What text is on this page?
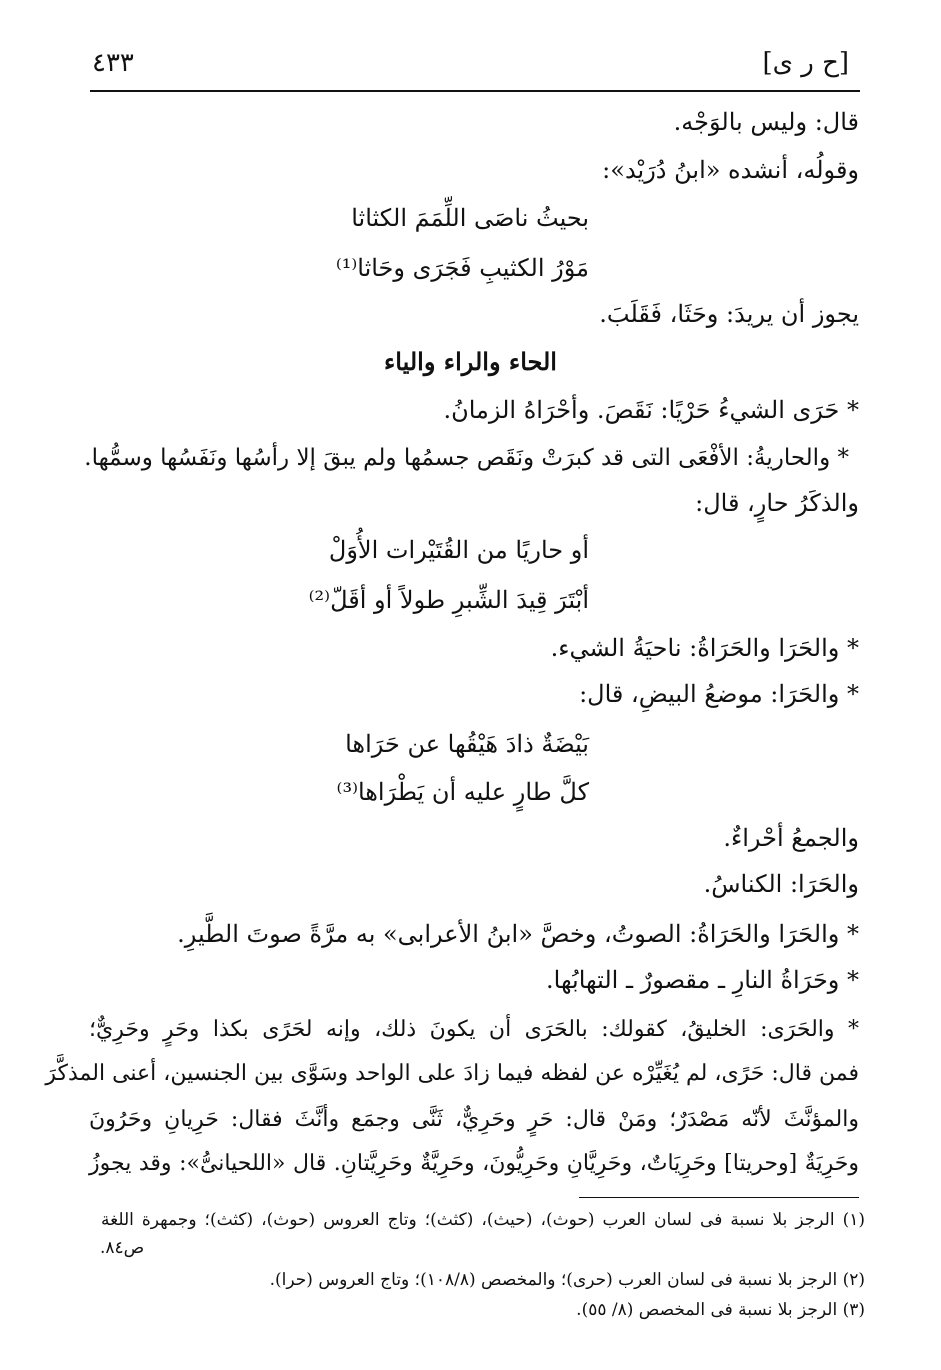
[ح ر ى]
٤٣٣
قال: وليس بالوَجْه.
وقولُه، أنشده «ابنُ دُرَيْد»:
بحيثُ ناصَى اللِّمَمَ الكثاثا
مَوْرُ الكثيبِ فَجَرَى وحَاثا⁽¹⁾
يجوز أن يريدَ: وحَثَا، فَقَلَبَ.
الحاء والراء والياء
* حَرَى الشيءُ حَرْيًا: نَقَصَ. وأحْرَاهُ الزمانُ.
* والحاريةُ: الأفْعَى التى قد كبرَتْ ونَقَص جسمُها ولم يبقَ إلا رأسُها ونَفَسُها وسمُّها.
والذكَرُ حارٍ، قال:
أو حاريًا من القُتَيْرات الأُوَلْ
أبْتَرَ قِيدَ الشِّبرِ طولاً أو أقَلّ⁽²⁾
* والحَرَا والحَرَاةُ: ناحيَةُ الشيء.
* والحَرَا: موضعُ البيضِ، قال:
بَيْضَةٌ ذادَ هَيْقُها عن حَرَاها
كلَّ طارٍ عليه أن يَطْرَاها⁽³⁾
والجمعُ أحْراءٌ.
والحَرَا: الكناسُ.
* والحَرَا والحَرَاةُ: الصوتُ، وخصَّ «ابنُ الأعرابى» به مرَّةً صوتَ الطَّيرِ.
* وحَرَاةُ النارِ ـ مقصورٌ ـ التهابُها.
* والحَرَى: الخليقُ، كقولك: بالحَرَى أن يكونَ ذلك، وإنه لحَرًى بكذا وحَرٍ وحَرِيٌّ؛
فمن قال: حَرًى، لم يُغَيِّرْه عن لفظه فيما زادَ على الواحد وسَوَّى بين الجنسين، أعنى المذكَّرَ
والمؤنَّثَ لأنّه مَصْدَرٌ؛ ومَنْ قال: حَرٍ وحَرِيٌّ، ثَنَّى وجمَع وأنَّثَ فقال: حَرِيانِ وحَرُونَ
وحَرِيَةٌ [وحريتا] وحَرِيَاتٌ، وحَرِيَّانِ وحَرِيُّونَ، وحَرِيَّةٌ وحَرِيَّتانِ. قال «اللحيانىُّ»: وقد يجوزُ
(١) الرجز بلا نسبة فى لسان العرب (حوث)، (حيث)، (كثث)؛ وتاج العروس (حوث)، (كثث)؛ وجمهرة اللغة
ص٨٤.
(٢) الرجز بلا نسبة فى لسان العرب (حرى)؛ والمخصص (١٠٨/٨)؛ وتاج العروس (حرا).
(٣) الرجز بلا نسبة فى المخصص (٨/ ٥٥).
